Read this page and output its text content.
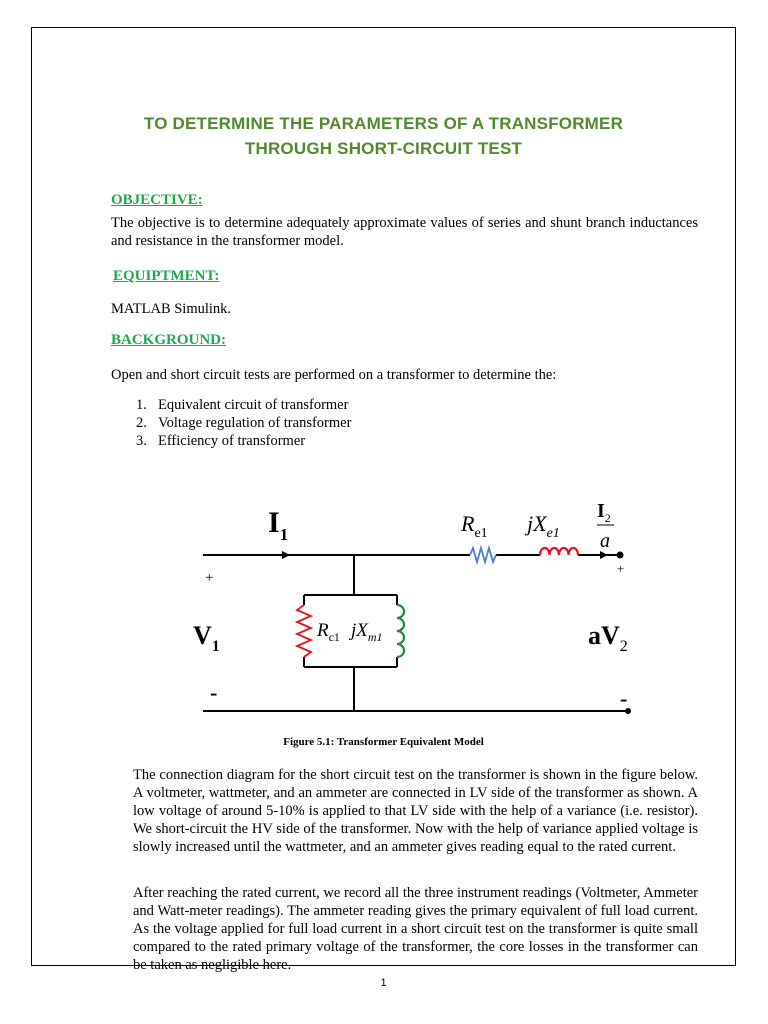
TO DETERMINE THE PARAMETERS OF A TRANSFORMER
THROUGH SHORT-CIRCUIT TEST
OBJECTIVE:
The objective is to determine adequately approximate values of series and shunt branch inductances and resistance in the transformer model.
EQUIPTMENT:
MATLAB Simulink.
BACKGROUND:
Open and short circuit tests are performed on a transformer to determine the:
1. Equivalent circuit of transformer
2. Voltage regulation of transformer
3. Efficiency of transformer
$I_1$	$R_{e1}$ $jX_{e1}$
$I_2$
a
+
+
$V_1$	$aV_2$
$R_{c1}$ $jX_{m1}$
-	-
Figure 5.1: Transformer Equivalent Model
The connection diagram for the short circuit test on the transformer is shown in the figure below. A voltmeter, wattmeter, and an ammeter are connected in LV side of the transformer as shown. A low voltage of around 5-10% is applied to that LV side with the help of a variance (i.e. resistor). We short-circuit the HV side of the transformer. Now with the help of variance applied voltage is slowly increased until the wattmeter, and an ammeter gives reading equal to the rated current.
After reaching the rated current, we record all the three instrument readings (Voltmeter, Ammeter and Watt-meter readings). The ammeter reading gives the primary equivalent of full load current. As the voltage applied for full load current in a short circuit test on the transformer is quite small compared to the rated primary voltage of the transformer, the core losses in the transformer can be taken as negligible here.
1
